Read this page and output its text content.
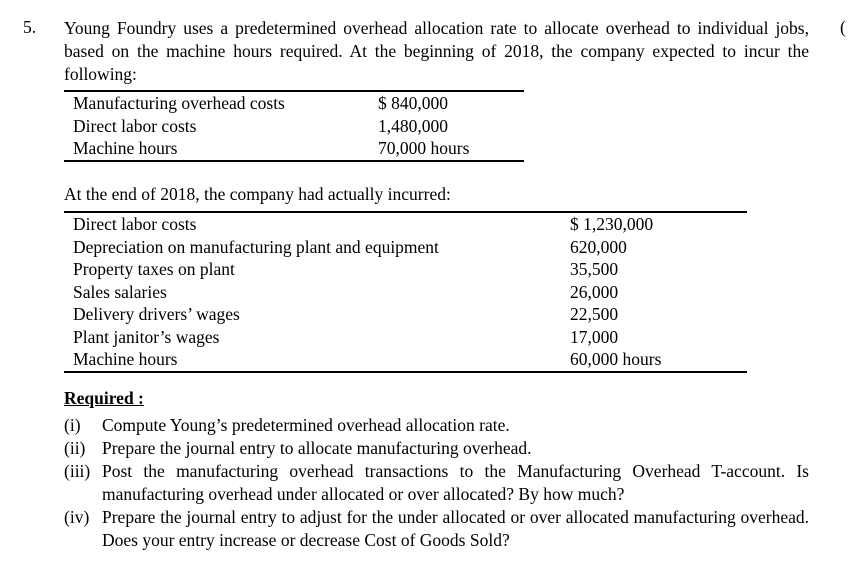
5.	(
Young Foundry uses a predetermined overhead allocation rate to allocate overhead to individual jobs, based on the machine hours required. At the beginning of 2018, the company expected to incur the following:
Manufacturing overhead costs	$ 840,000
Direct labor costs	1,480,000
Machine hours	70,000 hours
At the end of 2018, the company had actually incurred:
Direct labor costs	$ 1,230,000
Depreciation on manufacturing plant and equipment	620,000
Property taxes on plant	35,500
Sales salaries	26,000
Delivery drivers’ wages	22,500
Plant janitor’s wages	17,000
Machine hours	60,000 hours
Required :
(i) Compute Young’s predetermined overhead allocation rate.
(ii) Prepare the journal entry to allocate manufacturing overhead.
(iii) Post the manufacturing overhead transactions to the Manufacturing Overhead T-account. Is manufacturing overhead under allocated or over allocated? By how much?
(iv) Prepare the journal entry to adjust for the under allocated or over allocated manufacturing overhead. Does your entry increase or decrease Cost of Goods Sold?
